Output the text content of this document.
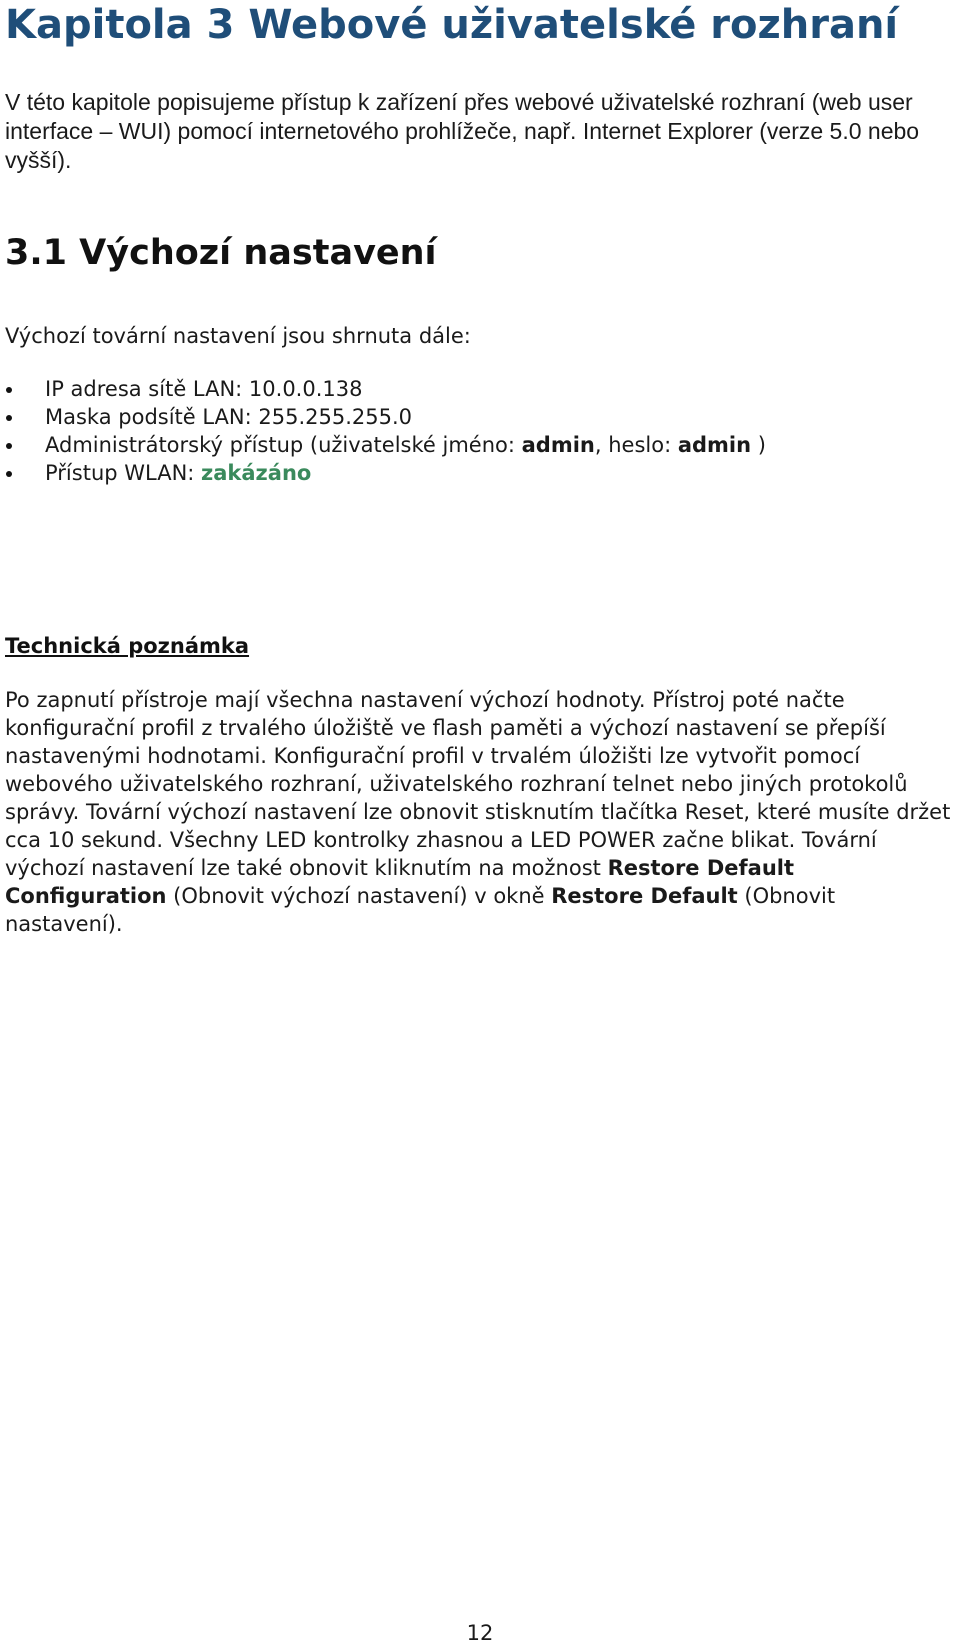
Kapitola 3 Webové uživatelské rozhraní

V této kapitole popisujeme přístup k zařízení přes webové uživatelské rozhraní (web user interface – WUI) pomocí internetového prohlížeče, např. Internet Explorer (verze 5.0 nebo vyšší).

3.1 Výchozí nastavení

Výchozí tovární nastavení jsou shrnuta dále:

IP adresa sítě LAN: 10.0.0.138
Maska podsítě LAN: 255.255.255.0
Administrátorský přístup (uživatelské jméno: admin, heslo: admin )
Přístup WLAN: zakázáno
Technická poznámka

Po zapnutí přístroje mají všechna nastavení výchozí hodnoty. Přístroj poté načte konfigurační profil z trvalého úložiště ve flash paměti a výchozí nastavení se přepíší nastavenými hodnotami. Konfigurační profil v trvalém úložišti lze vytvořit pomocí webového uživatelského rozhraní, uživatelského rozhraní telnet nebo jiných protokolů správy. Tovární výchozí nastavení lze obnovit stisknutím tlačítka Reset, které musíte držet cca 10 sekund. Všechny LED kontrolky zhasnou a LED POWER začne blikat. Tovární výchozí nastavení lze také obnovit kliknutím na možnost Restore Default Configuration (Obnovit výchozí nastavení) v okně Restore Default (Obnovit nastavení).

12
